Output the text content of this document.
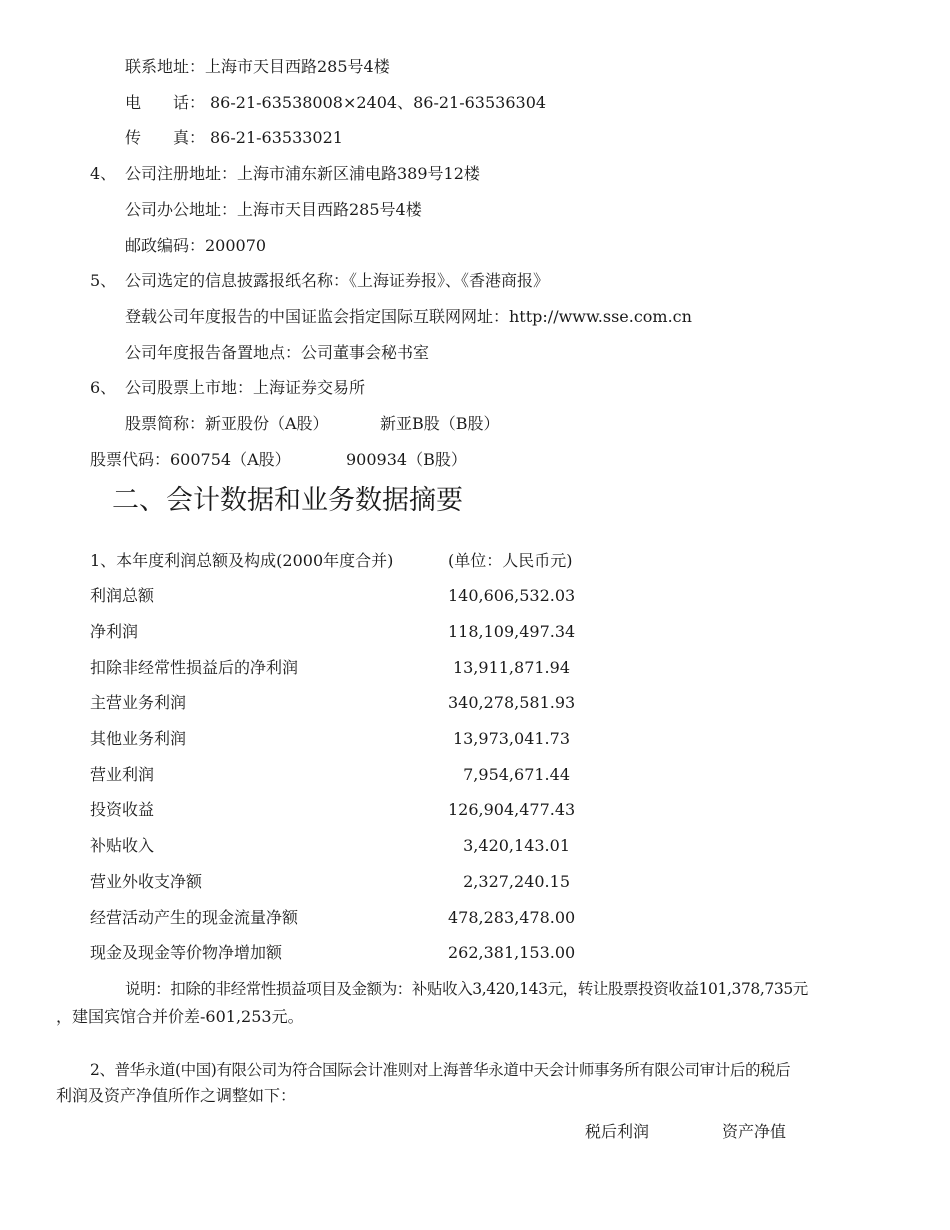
联系地址：上海市天目西路285号4楼
电　　话： 86-21-63538008×2404、86-21-63536304
传　　真： 86-21-63533021
4、 公司注册地址：上海市浦东新区浦电路389号12楼
公司办公地址：上海市天目西路285号4楼
邮政编码：200070
5、 公司选定的信息披露报纸名称：《上海证券报》、《香港商报》
登载公司年度报告的中国证监会指定国际互联网网址：http://www.sse.com.cn
公司年度报告备置地点：公司董事会秘书室
6、 公司股票上市地：上海证券交易所
股票简称：新亚股份（A股）	新亚B股（B股）
股票代码：600754（A股）	900934（B股）
二、会计数据和业务数据摘要
1、本年度利润总额及构成(2000年度合并)	(单位：人民币元)
利润总额	140,606,532.03
净利润	118,109,497.34
扣除非经常性损益后的净利润	13,911,871.94
主营业务利润	340,278,581.93
其他业务利润	13,973,041.73
营业利润	7,954,671.44
投资收益	126,904,477.43
补贴收入	3,420,143.01
营业外收支净额	2,327,240.15
经营活动产生的现金流量净额	478,283,478.00
现金及现金等价物净增加额	262,381,153.00
说明：扣除的非经常性损益项目及金额为：补贴收入3,420,143元，转让股票投资收益101,378,735元
，建国宾馆合并价差-601,253元。
2、普华永道(中国)有限公司为符合国际会计准则对上海普华永道中天会计师事务所有限公司审计后的税后
利润及资产净值所作之调整如下：
税后利润	资产净值
